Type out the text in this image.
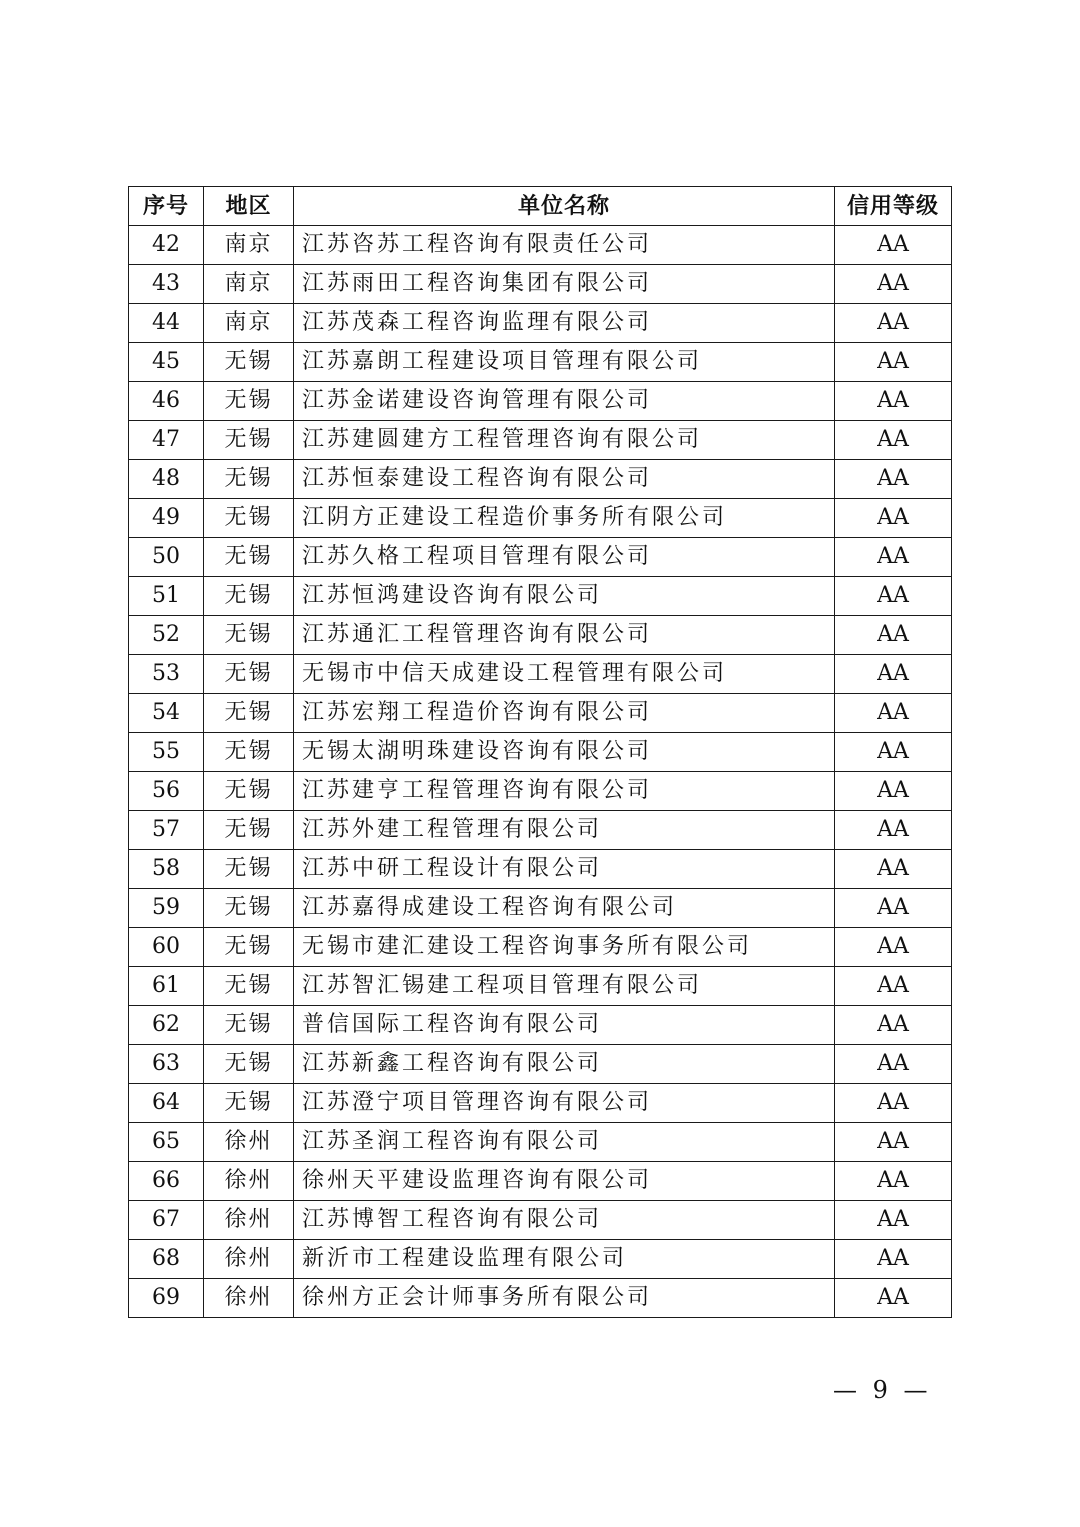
序号	地区	单位名称	信用等级
42	南京	江苏咨苏工程咨询有限责任公司	AA
43	南京	江苏雨田工程咨询集团有限公司	AA
44	南京	江苏茂森工程咨询监理有限公司	AA
45	无锡	江苏嘉朗工程建设项目管理有限公司	AA
46	无锡	江苏金诺建设咨询管理有限公司	AA
47	无锡	江苏建圆建方工程管理咨询有限公司	AA
48	无锡	江苏恒泰建设工程咨询有限公司	AA
49	无锡	江阴方正建设工程造价事务所有限公司	AA
50	无锡	江苏久格工程项目管理有限公司	AA
51	无锡	江苏恒鸿建设咨询有限公司	AA
52	无锡	江苏通汇工程管理咨询有限公司	AA
53	无锡	无锡市中信天成建设工程管理有限公司	AA
54	无锡	江苏宏翔工程造价咨询有限公司	AA
55	无锡	无锡太湖明珠建设咨询有限公司	AA
56	无锡	江苏建亨工程管理咨询有限公司	AA
57	无锡	江苏外建工程管理有限公司	AA
58	无锡	江苏中研工程设计有限公司	AA
59	无锡	江苏嘉得成建设工程咨询有限公司	AA
60	无锡	无锡市建汇建设工程咨询事务所有限公司	AA
61	无锡	江苏智汇锡建工程项目管理有限公司	AA
62	无锡	普信国际工程咨询有限公司	AA
63	无锡	江苏新鑫工程咨询有限公司	AA
64	无锡	江苏澄宁项目管理咨询有限公司	AA
65	徐州	江苏圣润工程咨询有限公司	AA
66	徐州	徐州天平建设监理咨询有限公司	AA
67	徐州	江苏博智工程咨询有限公司	AA
68	徐州	新沂市工程建设监理有限公司	AA
69	徐州	徐州方正会计师事务所有限公司	AA
— 9 —
